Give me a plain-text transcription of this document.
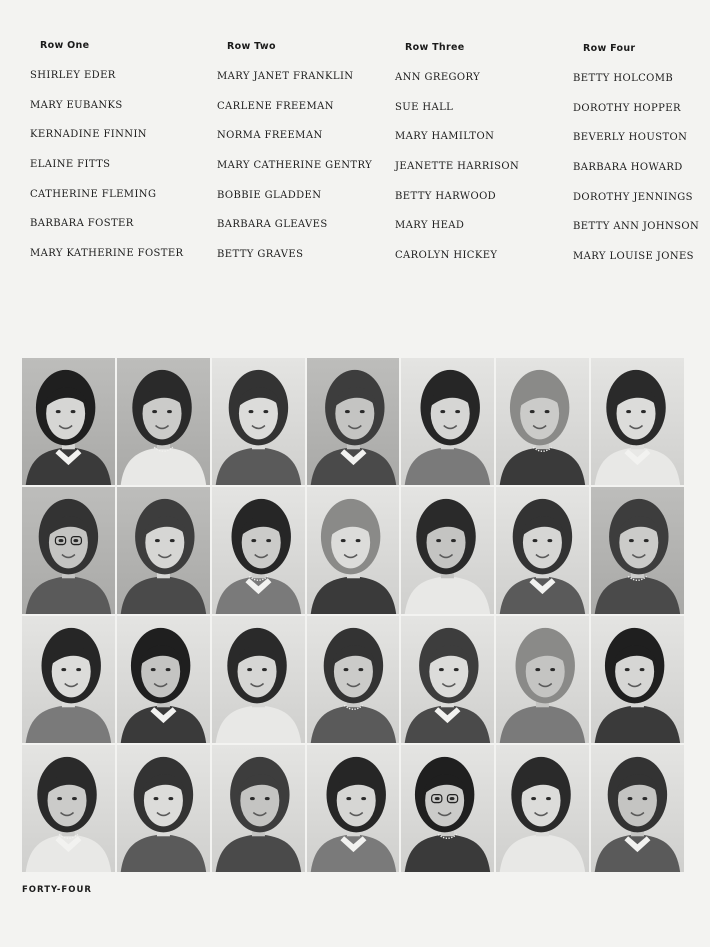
Row One
SHIRLEY EDER
MARY EUBANKS
KERNADINE FINNIN
ELAINE FITTS
CATHERINE FLEMING
BARBARA FOSTER
MARY KATHERINE FOSTER
Row Two
MARY JANET FRANKLIN
CARLENE FREEMAN
NORMA FREEMAN
MARY CATHERINE GENTRY
BOBBIE GLADDEN
BARBARA GLEAVES
BETTY GRAVES
Row Three
ANN GREGORY
SUE HALL
MARY HAMILTON
JEANETTE HARRISON
BETTY HARWOOD
MARY HEAD
CAROLYN HICKEY
Row Four
BETTY HOLCOMB
DOROTHY HOPPER
BEVERLY HOUSTON
BARBARA HOWARD
DOROTHY JENNINGS
BETTY ANN JOHNSON
MARY LOUISE JONES
FORTY-FOUR
